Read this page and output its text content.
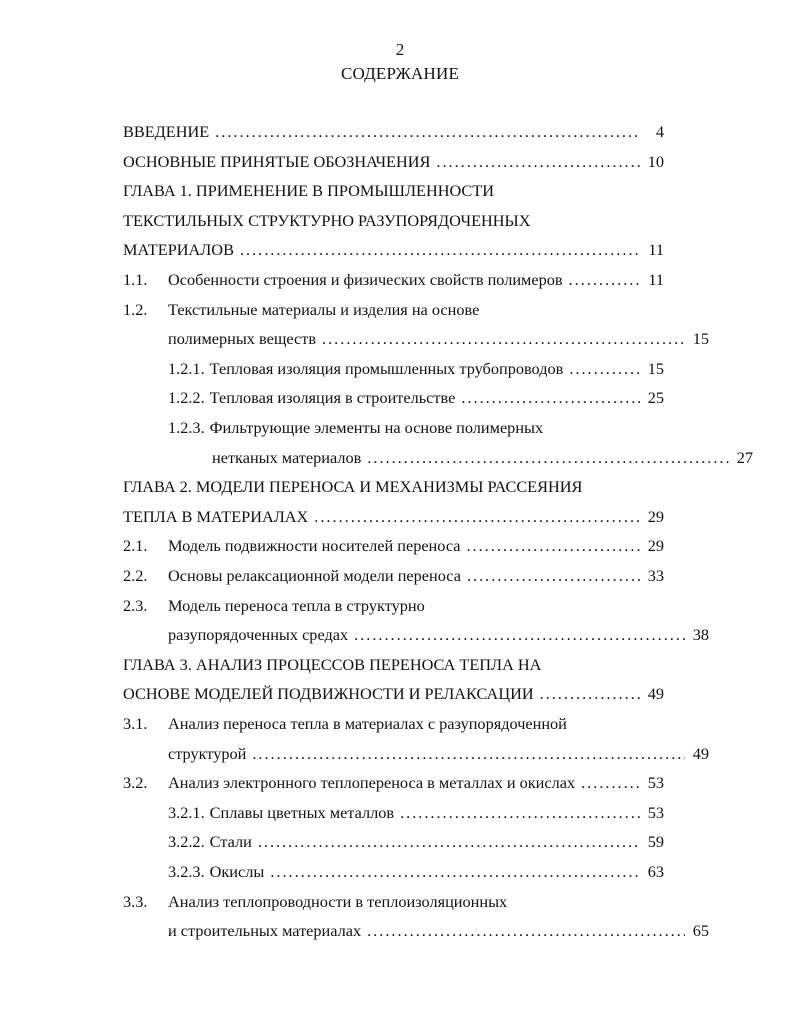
2
СОДЕРЖАНИЕ
ВВЕДЕНИЕ .....	4
ОСНОВНЫЕ ПРИНЯТЫЕ ОБОЗНАЧЕНИЯ .....	10
ГЛАВА 1. ПРИМЕНЕНИЕ В ПРОМЫШЛЕННОСТИ
ТЕКСТИЛЬНЫХ СТРУКТУРНО РАЗУПОРЯДОЧЕННЫХ
МАТЕРИАЛОВ .....	11
1.1.	Особенности строения и физических свойств полимеров .....	11
1.2.	Текстильные материалы и изделия на основе
полимерных веществ .....	15
1.2.1. Тепловая изоляция промышленных трубопроводов .....	15
1.2.2. Тепловая изоляция в строительстве .....	25
1.2.3. Фильтрующие элементы на основе полимерных
нетканых материалов .....	27
ГЛАВА 2. МОДЕЛИ ПЕРЕНОСА И МЕХАНИЗМЫ РАССЕЯНИЯ
ТЕПЛА В МАТЕРИАЛАХ .....	29
2.1.	Модель подвижности носителей переноса .....	29
2.2.	Основы релаксационной модели переноса .....	33
2.3.	Модель переноса тепла в структурно
разупорядоченных средах .....	38
ГЛАВА 3. АНАЛИЗ ПРОЦЕССОВ ПЕРЕНОСА ТЕПЛА НА
ОСНОВЕ МОДЕЛЕЙ ПОДВИЖНОСТИ И РЕЛАКСАЦИИ .....	49
3.1.	Анализ переноса тепла в материалах с разупорядоченной
структурой .....	49
3.2.	Анализ электронного теплопереноса в металлах и окислах .....	53
3.2.1. Сплавы цветных металлов .....	53
3.2.2. Стали .....	59
3.2.3. Окислы .....	63
3.3.	Анализ теплопроводности в теплоизоляционных
и строительных материалах .....	65
